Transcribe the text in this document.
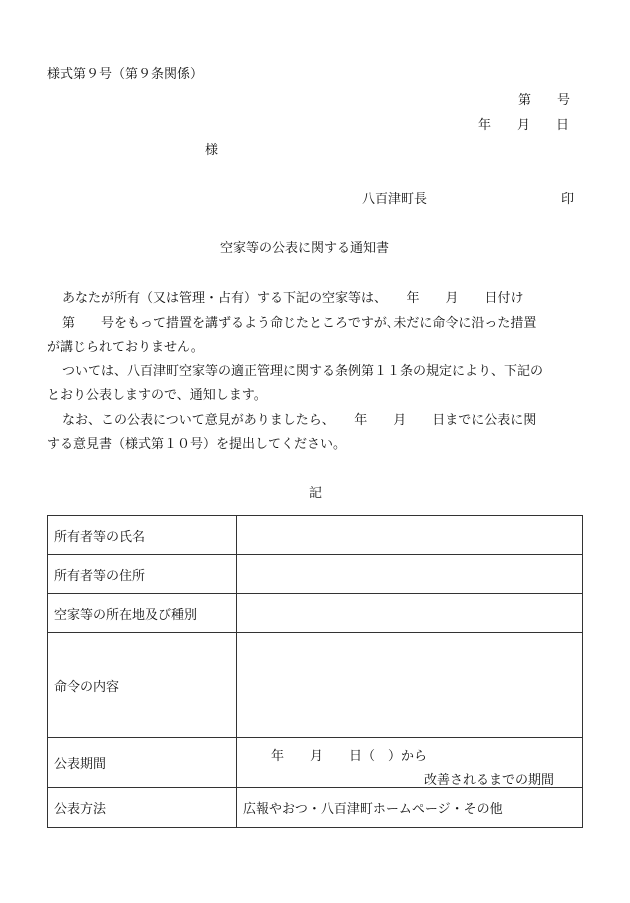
様式第９号（第９条関係）
第　　号
年　　月　　日
様
八百津町長	印
空家等の公表に関する通知書
あなたが所有（又は管理・占有）する下記の空家等は、　　年　　月　　日付け
第　　号をもって措置を講ずるよう命じたところですが､未だに命令に沿った措置
が講じられておりません。
ついては、八百津町空家等の適正管理に関する条例第１１条の規定により、下記の
とおり公表しますので、通知します。
なお、この公表について意見がありましたら、　　年　　月　　日までに公表に関
する意見書（様式第１０号）を提出してください。
記
所有者等の氏名	
所有者等の住所	
空家等の所在地及び種別	
命令の内容	
公表期間	年　　月　　日（　）から
改善されるまでの期間

公表方法	広報やおつ・八百津町ホームページ・その他
